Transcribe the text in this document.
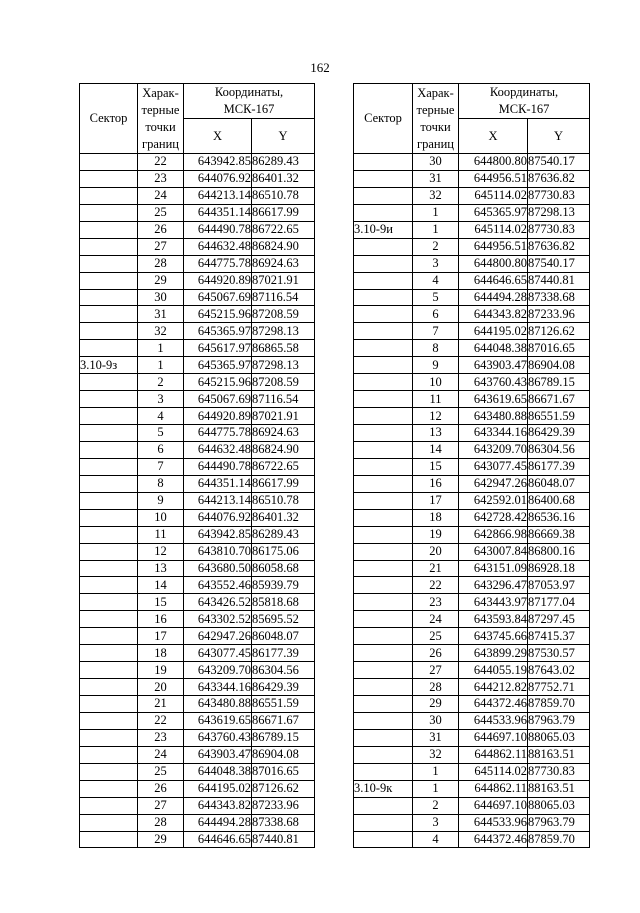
162
Сектор	Харак-
терные
точки
границ	Координаты,
МСК-167	
		X	Y
	22	643942.85	86289.43
	23	644076.92	86401.32
	24	644213.14	86510.78
	25	644351.14	86617.99
	26	644490.78	86722.65
	27	644632.48	86824.90
	28	644775.78	86924.63
	29	644920.89	87021.91
	30	645067.69	87116.54
	31	645215.96	87208.59
	32	645365.97	87298.13
	1	645617.97	86865.58
3.10-9з	1	645365.97	87298.13
	2	645215.96	87208.59
	3	645067.69	87116.54
	4	644920.89	87021.91
	5	644775.78	86924.63
	6	644632.48	86824.90
	7	644490.78	86722.65
	8	644351.14	86617.99
	9	644213.14	86510.78
	10	644076.92	86401.32
	11	643942.85	86289.43
	12	643810.70	86175.06
	13	643680.50	86058.68
	14	643552.46	85939.79
	15	643426.52	85818.68
	16	643302.52	85695.52
	17	642947.26	86048.07
	18	643077.45	86177.39
	19	643209.70	86304.56
	20	643344.16	86429.39
	21	643480.88	86551.59
	22	643619.65	86671.67
	23	643760.43	86789.15
	24	643903.47	86904.08
	25	644048.38	87016.65
	26	644195.02	87126.62
	27	644343.82	87233.96
	28	644494.28	87338.68
	29	644646.65	87440.81
Сектор	Харак-
терные
точки
границ	Координаты,
МСК-167	
		X	Y
	30	644800.80	87540.17
	31	644956.51	87636.82
	32	645114.02	87730.83
	1	645365.97	87298.13
3.10-9и	1	645114.02	87730.83
	2	644956.51	87636.82
	3	644800.80	87540.17
	4	644646.65	87440.81
	5	644494.28	87338.68
	6	644343.82	87233.96
	7	644195.02	87126.62
	8	644048.38	87016.65
	9	643903.47	86904.08
	10	643760.43	86789.15
	11	643619.65	86671.67
	12	643480.88	86551.59
	13	643344.16	86429.39
	14	643209.70	86304.56
	15	643077.45	86177.39
	16	642947.26	86048.07
	17	642592.01	86400.68
	18	642728.42	86536.16
	19	642866.98	86669.38
	20	643007.84	86800.16
	21	643151.09	86928.18
	22	643296.47	87053.97
	23	643443.97	87177.04
	24	643593.84	87297.45
	25	643745.66	87415.37
	26	643899.29	87530.57
	27	644055.19	87643.02
	28	644212.82	87752.71
	29	644372.46	87859.70
	30	644533.96	87963.79
	31	644697.10	88065.03
	32	644862.11	88163.51
	1	645114.02	87730.83
3.10-9к	1	644862.11	88163.51
	2	644697.10	88065.03
	3	644533.96	87963.79
	4	644372.46	87859.70
